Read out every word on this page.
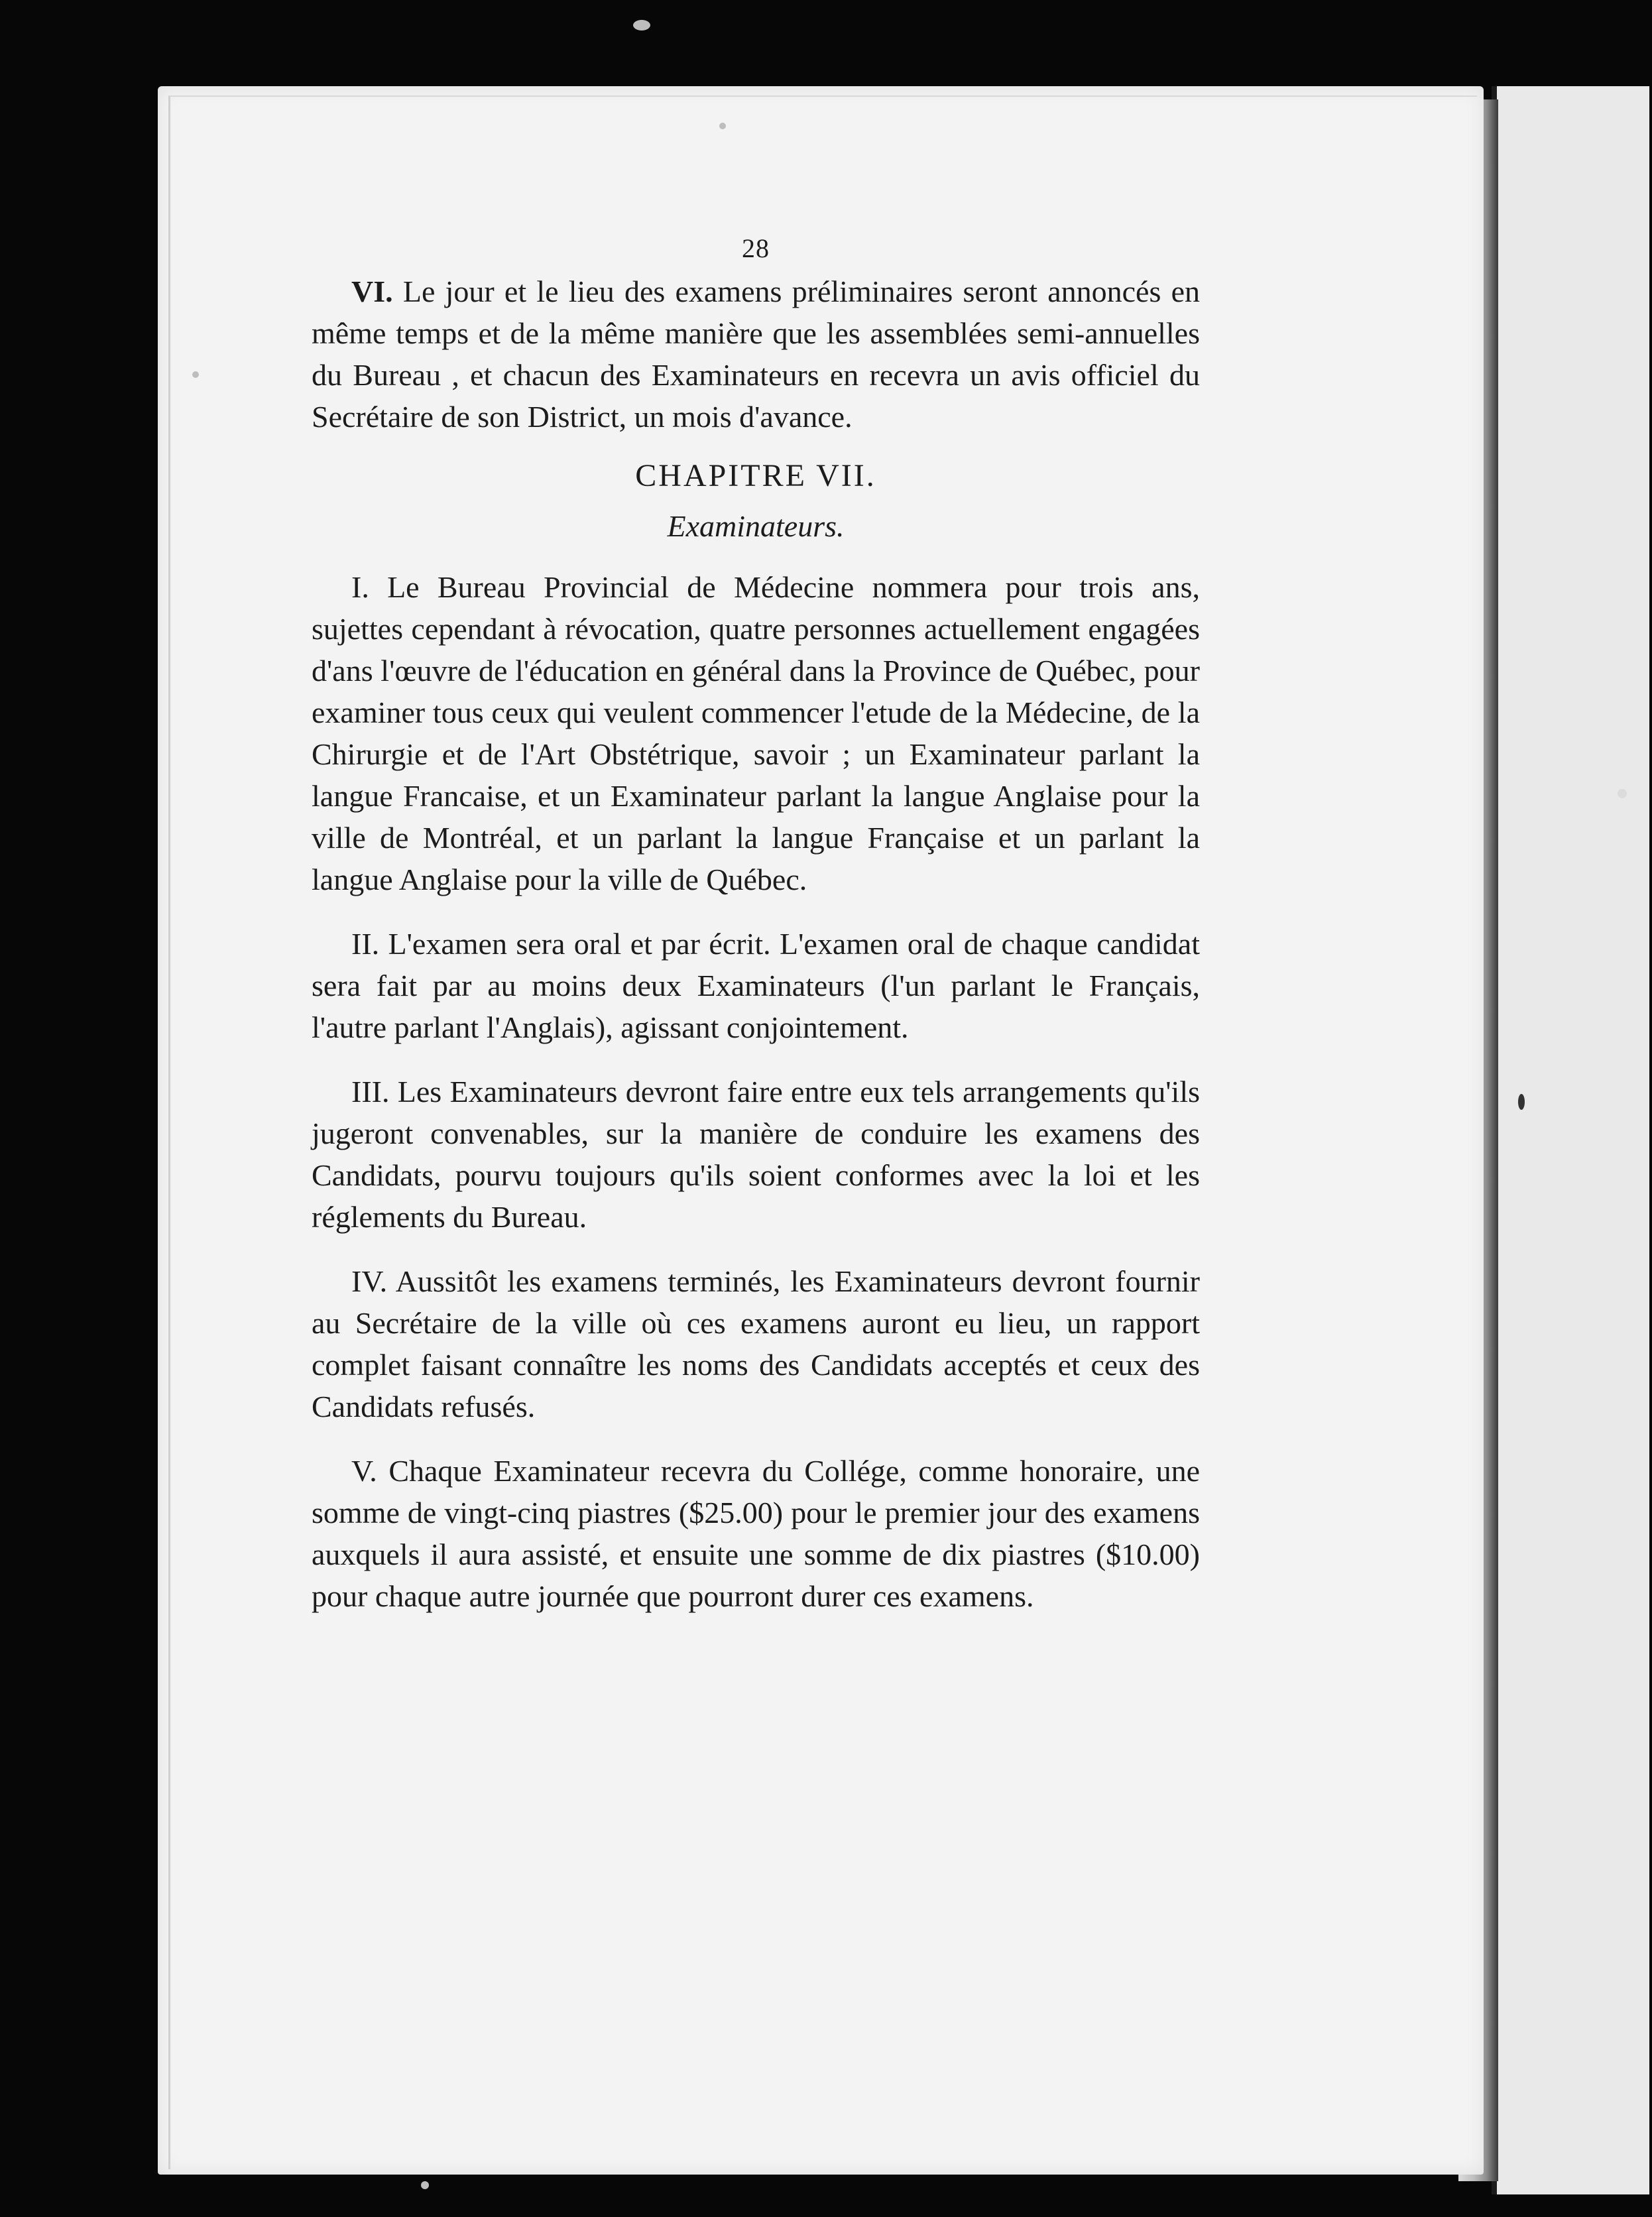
28

VI. Le jour et le lieu des examens préliminaires seront annoncés en même temps et de la même manière que les assemblées semi-annuelles du Bureau , et chacun des Examinateurs en recevra un avis officiel du Secrétaire de son District, un mois d'avance.

CHAPITRE VII.
Examinateurs.

I. Le Bureau Provincial de Médecine nommera pour trois ans, sujettes cependant à révocation, quatre personnes actuellement engagées d'ans l'œuvre de l'éducation en général dans la Province de Québec, pour examiner tous ceux qui veulent commencer l'etude de la Médecine, de la Chirurgie et de l'Art Obstétrique, savoir ; un Examinateur parlant la langue Francaise, et un Examinateur parlant la langue Anglaise pour la ville de Montréal, et un parlant la langue Française et un parlant la langue Anglaise pour la ville de Québec.

II. L'examen sera oral et par écrit. L'examen oral de chaque candidat sera fait par au moins deux Examinateurs (l'un parlant le Français, l'autre parlant l'Anglais), agissant conjointement.

III. Les Examinateurs devront faire entre eux tels arrangements qu'ils jugeront convenables, sur la manière de conduire les examens des Candidats, pourvu toujours qu'ils soient conformes avec la loi et les réglements du Bureau.

IV. Aussitôt les examens terminés, les Examinateurs devront fournir au Secrétaire de la ville où ces examens auront eu lieu, un rapport complet faisant connaître les noms des Candidats acceptés et ceux des Candidats refusés.

V. Chaque Examinateur recevra du Collége, comme honoraire, une somme de vingt-cinq piastres ($25.00) pour le premier jour des examens auxquels il aura assisté, et ensuite une somme de dix piastres ($10.00) pour chaque autre journée que pourront durer ces examens.
